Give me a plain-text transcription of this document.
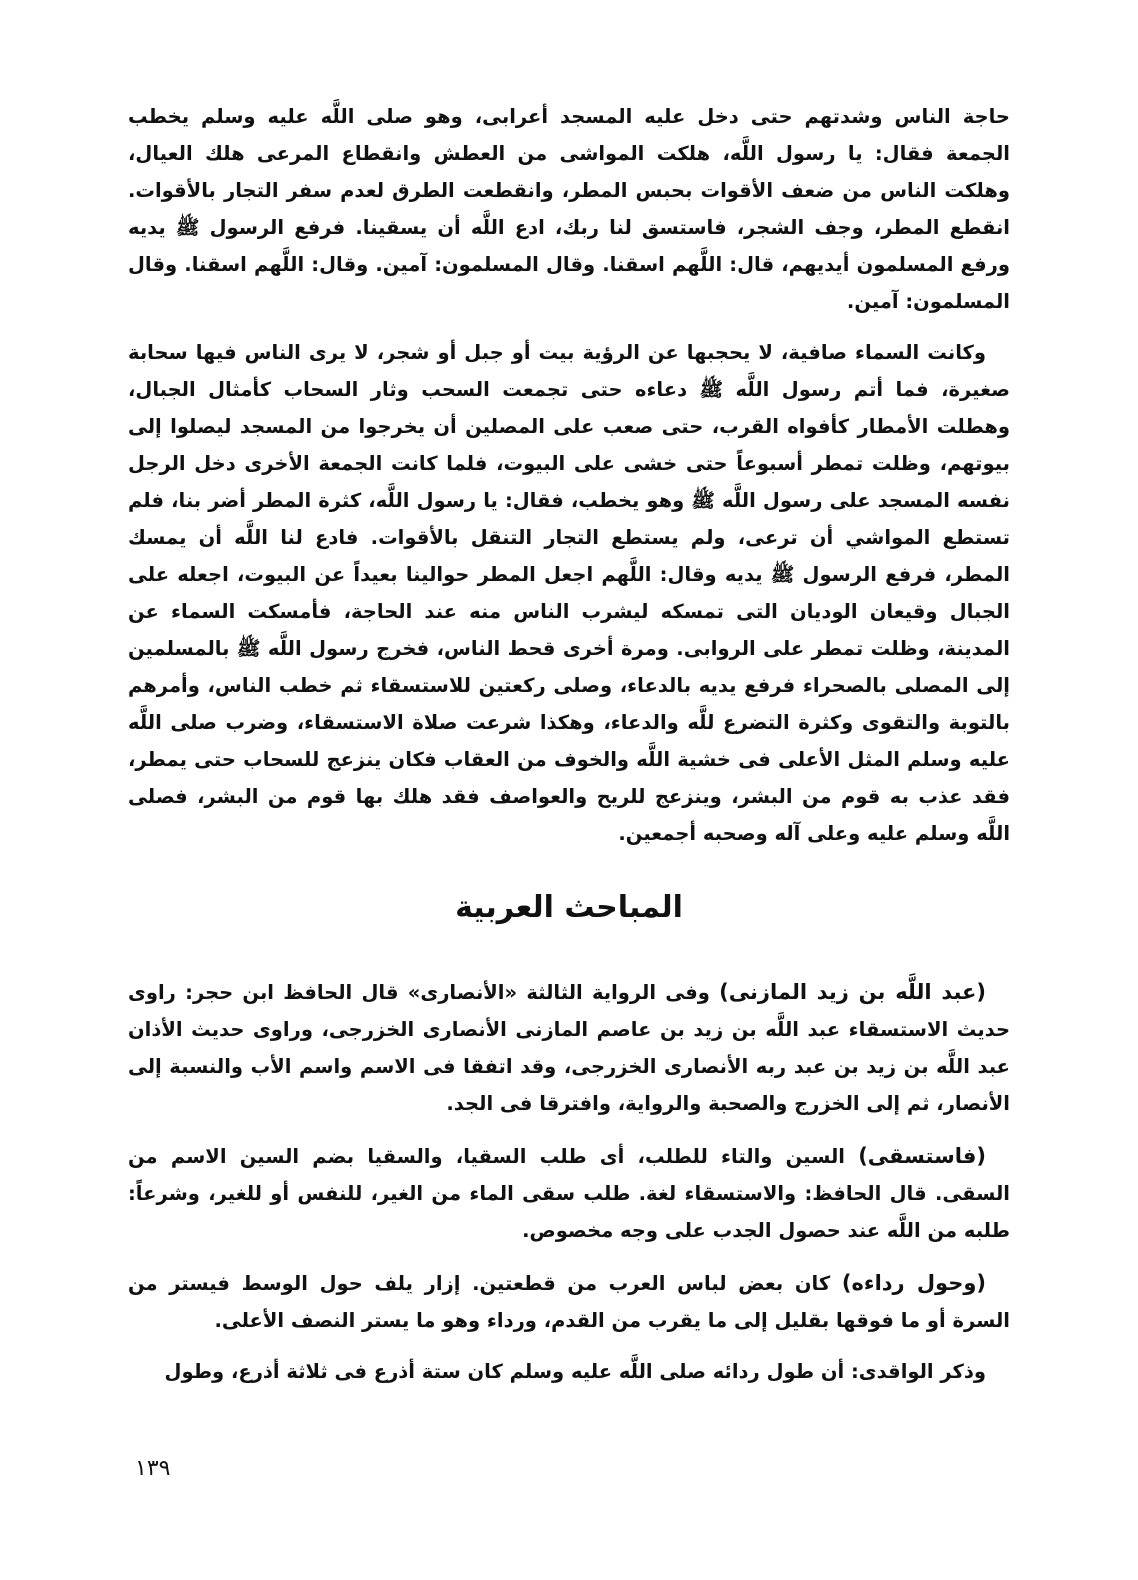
حاجة الناس وشدتهم حتى دخل عليه المسجد أعرابى، وهو صلى اللَّه عليه وسلم يخطب الجمعة فقال: يا رسول اللَّه، هلكت المواشى من العطش وانقطاع المرعى هلك العيال، وهلكت الناس من ضعف الأقوات بحبس المطر، وانقطعت الطرق لعدم سفر التجار بالأقوات. انقطع المطر، وجف الشجر، فاستسق لنا ربك، ادع اللَّه أن يسقينا. فرفع الرسول ﷺ يديه ورفع المسلمون أيديهم، قال: اللَّهم اسقنا. وقال المسلمون: آمين. وقال: اللَّهم اسقنا. وقال المسلمون: آمين.

وكانت السماء صافية، لا يحجبها عن الرؤية بيت أو جبل أو شجر، لا يرى الناس فيها سحابة صغيرة، فما أتم رسول اللَّه ﷺ دعاءه حتى تجمعت السحب وثار السحاب كأمثال الجبال، وهطلت الأمطار كأفواه القرب، حتى صعب على المصلين أن يخرجوا من المسجد ليصلوا إلى بيوتهم، وظلت تمطر أسبوعاً حتى خشى على البيوت، فلما كانت الجمعة الأخرى دخل الرجل نفسه المسجد على رسول اللَّه ﷺ وهو يخطب، فقال: يا رسول اللَّه، كثرة المطر أضر بنا، فلم تستطع المواشي أن ترعى، ولم يستطع التجار التنقل بالأقوات. فادع لنا اللَّه أن يمسك المطر، فرفع الرسول ﷺ يديه وقال: اللَّهم اجعل المطر حوالينا بعيداً عن البيوت، اجعله على الجبال وقيعان الوديان التى تمسكه ليشرب الناس منه عند الحاجة، فأمسكت السماء عن المدينة، وظلت تمطر على الروابى. ومرة أخرى قحط الناس، فخرج رسول اللَّه ﷺ بالمسلمين إلى المصلى بالصحراء فرفع يديه بالدعاء، وصلى ركعتين للاستسقاء ثم خطب الناس، وأمرهم بالتوبة والتقوى وكثرة التضرع للَّه والدعاء، وهكذا شرعت صلاة الاستسقاء، وضرب صلى اللَّه عليه وسلم المثل الأعلى فى خشية اللَّه والخوف من العقاب فكان ينزعج للسحاب حتى يمطر، فقد عذب به قوم من البشر، وينزعج للريح والعواصف فقد هلك بها قوم من البشر، فصلى اللَّه وسلم عليه وعلى آله وصحبه أجمعين.

المباحث العربية

(عبد اللَّه بن زيد المازنى) وفى الرواية الثالثة «الأنصارى» قال الحافظ ابن حجر: راوى حديث الاستسقاء عبد اللَّه بن زيد بن عاصم المازنى الأنصارى الخزرجى، وراوى حديث الأذان عبد اللَّه بن زيد بن عبد ربه الأنصارى الخزرجى، وقد اتفقا فى الاسم واسم الأب والنسبة إلى الأنصار، ثم إلى الخزرج والصحبة والرواية، وافترقا فى الجد.

(فاستسقى) السين والتاء للطلب، أى طلب السقيا، والسقيا بضم السين الاسم من السقى. قال الحافظ: والاستسقاء لغة. طلب سقى الماء من الغير، للنفس أو للغير، وشرعاً: طلبه من اللَّه عند حصول الجدب على وجه مخصوص.

(وحول رداءه) كان بعض لباس العرب من قطعتين. إزار يلف حول الوسط فيستر من السرة أو ما فوقها بقليل إلى ما يقرب من القدم، ورداء وهو ما يستر النصف الأعلى.

وذكر الواقدى: أن طول ردائه صلى اللَّه عليه وسلم كان ستة أذرع فى ثلاثة أذرع، وطول

١٣٩
